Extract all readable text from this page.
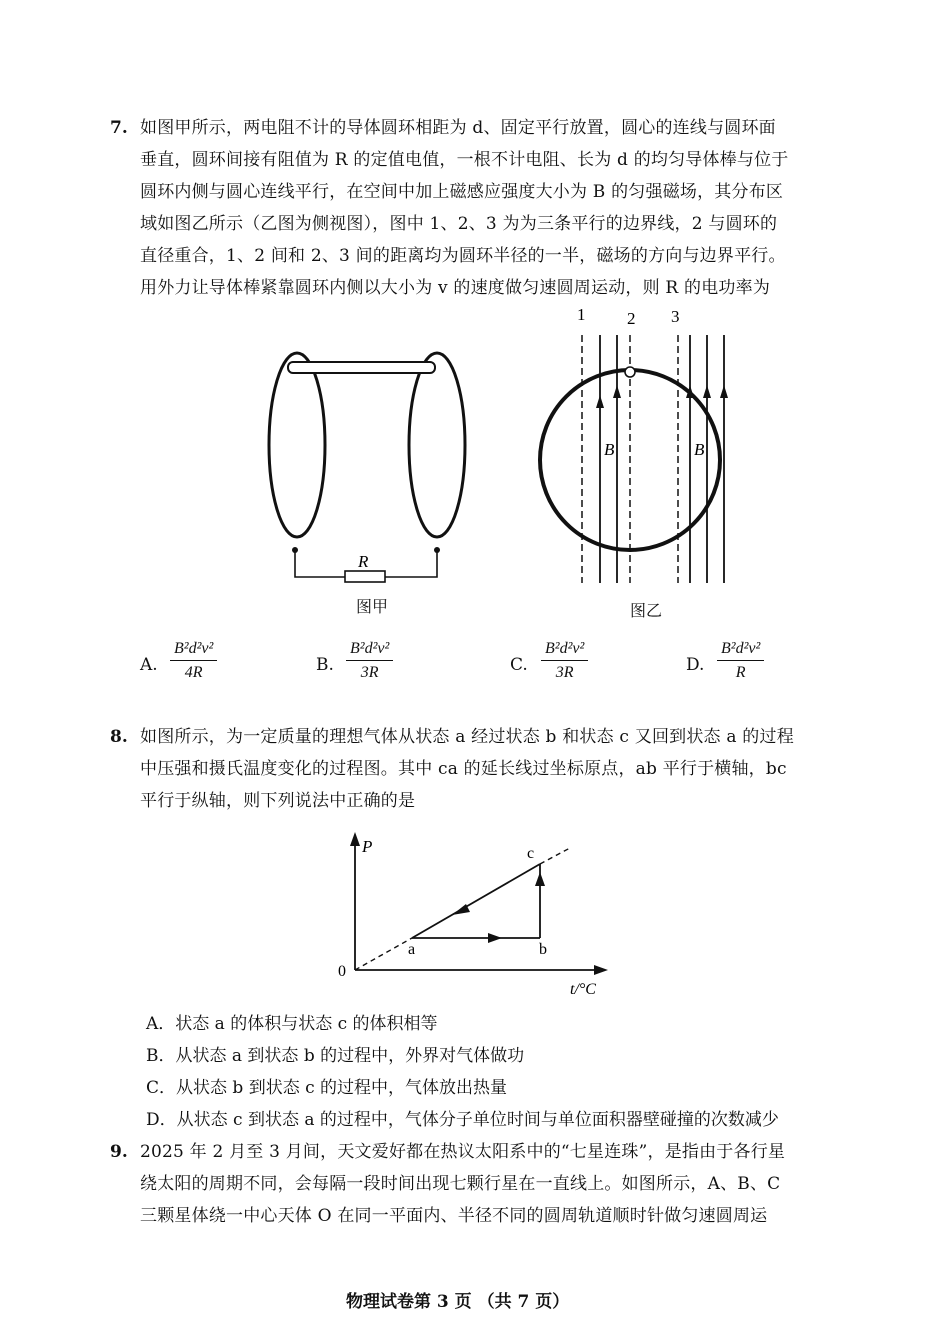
7. 如图甲所示，两电阻不计的导体圆环相距为 d、固定平行放置，圆心的连线与圆环面
垂直，圆环间接有阻值为 R 的定值电值，一根不计电阻、长为 d 的均匀导体棒与位于
圆环内侧与圆心连线平行，在空间中加上磁感应强度大小为 B 的匀强磁场，其分布区
域如图乙所示（乙图为侧视图），图中 1、2、3 为为三条平行的边界线，2 与圆环的
直径重合，1、2 间和 2、3 间的距离均为圆环半径的一半，磁场的方向与边界平行。
用外力让导体棒紧靠圆环内侧以大小为 v 的速度做匀速圆周运动，则 R 的电功率为
R
图甲
1 2 3
B	B
图乙
A. $\frac{\text{B²d²v²}}{4R}$	B. $\frac{\text{B²d²v²}}{3R}$	C. $\frac{\text{B²d²v²}}{3R}$	D. $\frac{\text{B²d²v²}}{R}$
8. 如图所示，为一定质量的理想气体从状态 a 经过状态 b 和状态 c 又回到状态 a 的过程
中压强和摄氏温度变化的过程图。其中 ca 的延长线过坐标原点，ab 平行于横轴，bc
平行于纵轴，则下列说法中正确的是
P
t/°C
0
a	b
c
A．状态 a 的体积与状态 c 的体积相等
B．从状态 a 到状态 b 的过程中，外界对气体做功
C．从状态 b 到状态 c 的过程中，气体放出热量
D．从状态 c 到状态 a 的过程中，气体分子单位时间与单位面积器壁碰撞的次数减少
9. 2025 年 2 月至 3 月间，天文爱好都在热议太阳系中的“七星连珠”，是指由于各行星
绕太阳的周期不同，会每隔一段时间出现七颗行星在一直线上。如图所示，A、B、C
三颗星体绕一中心天体 O 在同一平面内、半径不同的圆周轨道顺时针做匀速圆周运
物理试卷第 3 页 （共 7 页）
